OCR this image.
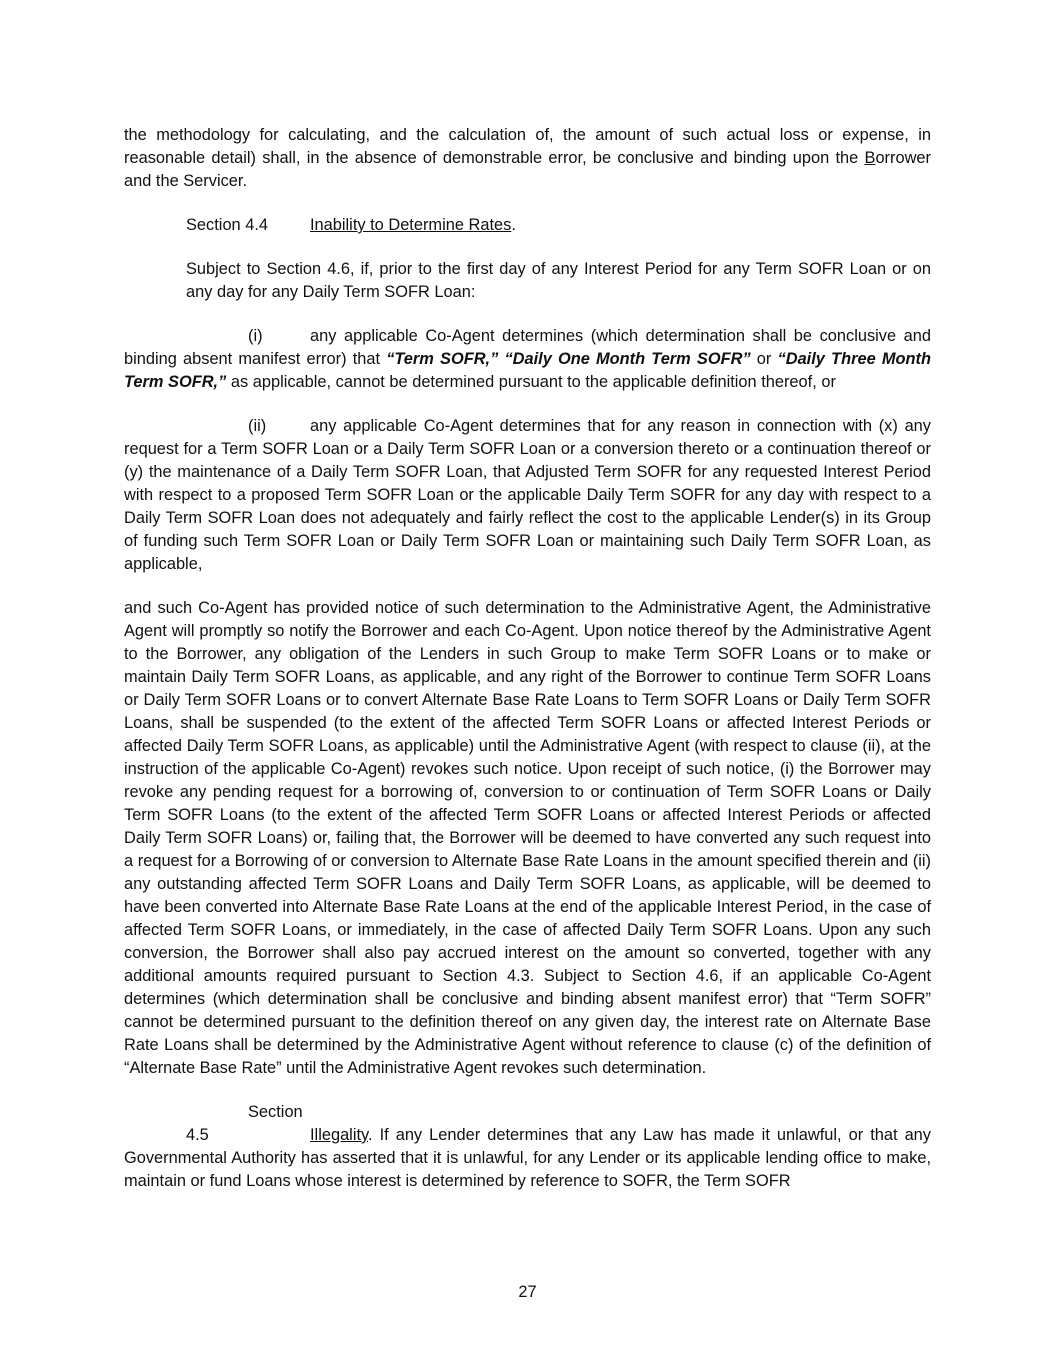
the methodology for calculating, and the calculation of, the amount of such actual loss or expense, in reasonable detail) shall, in the absence of demonstrable error, be conclusive and binding upon the Borrower and the Servicer.

Section 4.4	Inability to Determine Rates.

Subject to Section 4.6, if, prior to the first day of any Interest Period for any Term SOFR Loan or on any day for any Daily Term SOFR Loan:

(i)	any applicable Co-Agent determines (which determination shall be conclusive and binding absent manifest error) that “Term SOFR,” “Daily One Month Term SOFR” or “Daily Three Month Term SOFR,” as applicable, cannot be determined pursuant to the applicable definition thereof, or

(ii)	any applicable Co-Agent determines that for any reason in connection with (x) any request for a Term SOFR Loan or a Daily Term SOFR Loan or a conversion thereto or a continuation thereof or (y) the maintenance of a Daily Term SOFR Loan, that Adjusted Term SOFR for any requested Interest Period with respect to a proposed Term SOFR Loan or the applicable Daily Term SOFR for any day with respect to a Daily Term SOFR Loan does not adequately and fairly reflect the cost to the applicable Lender(s) in its Group of funding such Term SOFR Loan or Daily Term SOFR Loan or maintaining such Daily Term SOFR Loan, as applicable,

and such Co-Agent has provided notice of such determination to the Administrative Agent, the Administrative Agent will promptly so notify the Borrower and each Co-Agent. Upon notice thereof by the Administrative Agent to the Borrower, any obligation of the Lenders in such Group to make Term SOFR Loans or to make or maintain Daily Term SOFR Loans, as applicable, and any right of the Borrower to continue Term SOFR Loans or Daily Term SOFR Loans or to convert Alternate Base Rate Loans to Term SOFR Loans or Daily Term SOFR Loans, shall be suspended (to the extent of the affected Term SOFR Loans or affected Interest Periods or affected Daily Term SOFR Loans, as applicable) until the Administrative Agent (with respect to clause (ii), at the instruction of the applicable Co-Agent) revokes such notice. Upon receipt of such notice, (i) the Borrower may revoke any pending request for a borrowing of, conversion to or continuation of Term SOFR Loans or Daily Term SOFR Loans (to the extent of the affected Term SOFR Loans or affected Interest Periods or affected Daily Term SOFR Loans) or, failing that, the Borrower will be deemed to have converted any such request into a request for a Borrowing of or conversion to Alternate Base Rate Loans in the amount specified therein and (ii) any outstanding affected Term SOFR Loans and Daily Term SOFR Loans, as applicable, will be deemed to have been converted into Alternate Base Rate Loans at the end of the applicable Interest Period, in the case of affected Term SOFR Loans, or immediately, in the case of affected Daily Term SOFR Loans. Upon any such conversion, the Borrower shall also pay accrued interest on the amount so converted, together with any additional amounts required pursuant to Section 4.3. Subject to Section 4.6, if an applicable Co-Agent determines (which determination shall be conclusive and binding absent manifest error) that “Term SOFR” cannot be determined pursuant to the definition thereof on any given day, the interest rate on Alternate Base Rate Loans shall be determined by the Administrative Agent without reference to clause (c) of the definition of “Alternate Base Rate” until the Administrative Agent revokes such determination.

Section 4.5	Illegality. If any Lender determines that any Law has made it unlawful, or that any Governmental Authority has asserted that it is unlawful, for any Lender or its applicable lending office to make, maintain or fund Loans whose interest is determined by reference to SOFR, the Term SOFR

27
